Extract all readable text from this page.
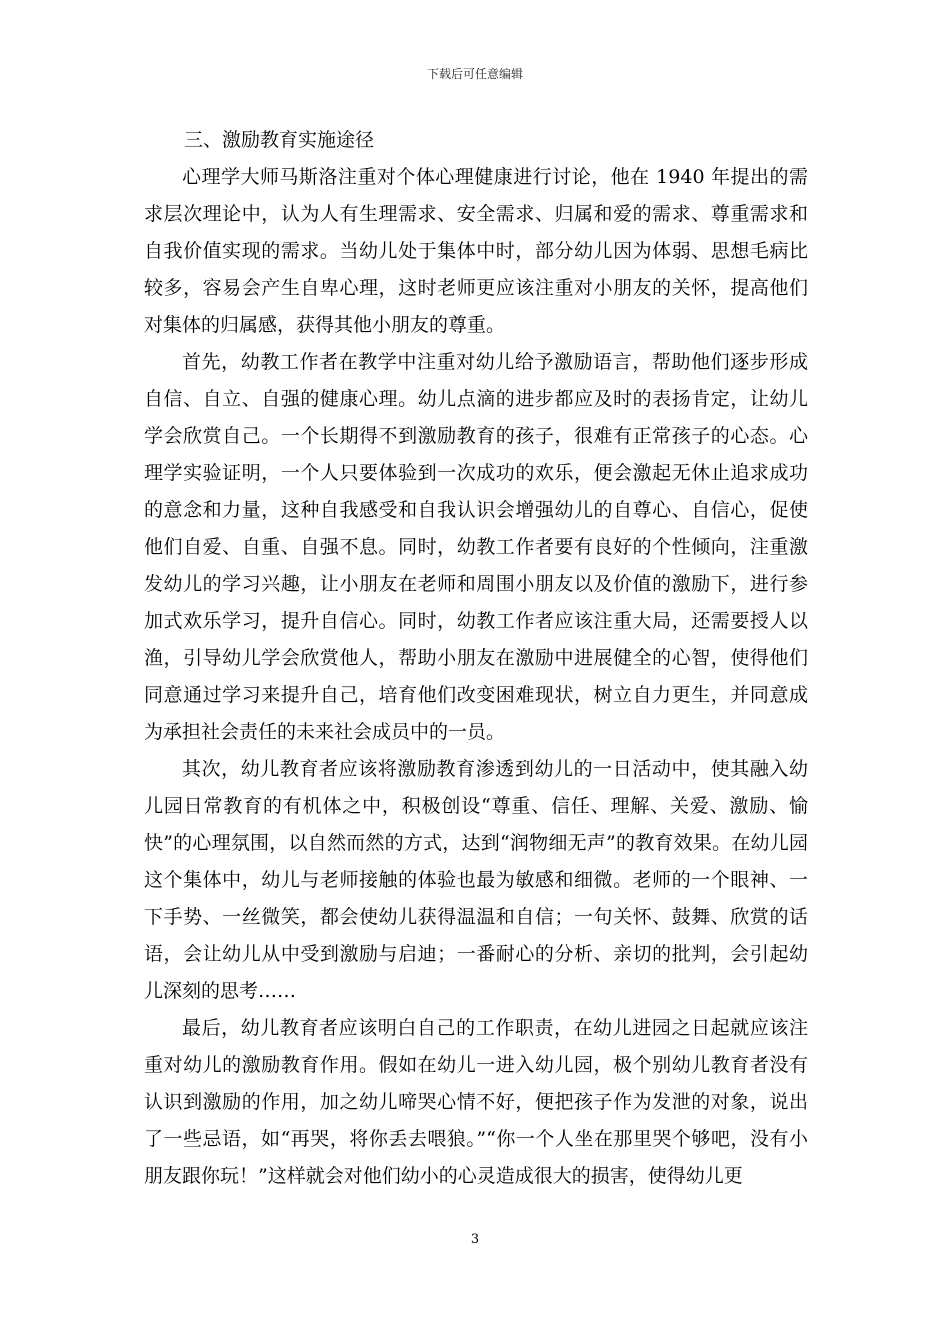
下载后可任意编辑

三、激励教育实施途径

心理学大师马斯洛注重对个体心理健康进行讨论，他在 1940 年提出的需求层次理论中，认为人有生理需求、安全需求、归属和爱的需求、尊重需求和自我价值实现的需求。当幼儿处于集体中时，部分幼儿因为体弱、思想毛病比较多，容易会产生自卑心理，这时老师更应该注重对小朋友的关怀，提高他们对集体的归属感，获得其他小朋友的尊重。

首先，幼教工作者在教学中注重对幼儿给予激励语言，帮助他们逐步形成自信、自立、自强的健康心理。幼儿点滴的进步都应及时的表扬肯定，让幼儿学会欣赏自己。一个长期得不到激励教育的孩子，很难有正常孩子的心态。心理学实验证明，一个人只要体验到一次成功的欢乐，便会激起无休止追求成功的意念和力量，这种自我感受和自我认识会增强幼儿的自尊心、自信心，促使他们自爱、自重、自强不息。同时，幼教工作者要有良好的个性倾向，注重激发幼儿的学习兴趣，让小朋友在老师和周围小朋友以及价值的激励下，进行参加式欢乐学习，提升自信心。同时，幼教工作者应该注重大局，还需要授人以渔，引导幼儿学会欣赏他人，帮助小朋友在激励中进展健全的心智，使得他们同意通过学习来提升自己，培育他们改变困难现状，树立自力更生，并同意成为承担社会责任的未来社会成员中的一员。

其次，幼儿教育者应该将激励教育渗透到幼儿的一日活动中，使其融入幼儿园日常教育的有机体之中，积极创设“尊重、信任、理解、关爱、激励、愉快”的心理氛围，以自然而然的方式，达到“润物细无声”的教育效果。在幼儿园这个集体中，幼儿与老师接触的体验也最为敏感和细微。老师的一个眼神、一下手势、一丝微笑，都会使幼儿获得温温和自信；一句关怀、鼓舞、欣赏的话语，会让幼儿从中受到激励与启迪；一番耐心的分析、亲切的批判，会引起幼儿深刻的思考……

最后，幼儿教育者应该明白自己的工作职责，在幼儿进园之日起就应该注重对幼儿的激励教育作用。假如在幼儿一进入幼儿园，极个别幼儿教育者没有认识到激励的作用，加之幼儿啼哭心情不好，便把孩子作为发泄的对象，说出了一些忌语，如“再哭，将你丢去喂狼。”“你一个人坐在那里哭个够吧，没有小朋友跟你玩！”这样就会对他们幼小的心灵造成很大的损害，使得幼儿更

3
